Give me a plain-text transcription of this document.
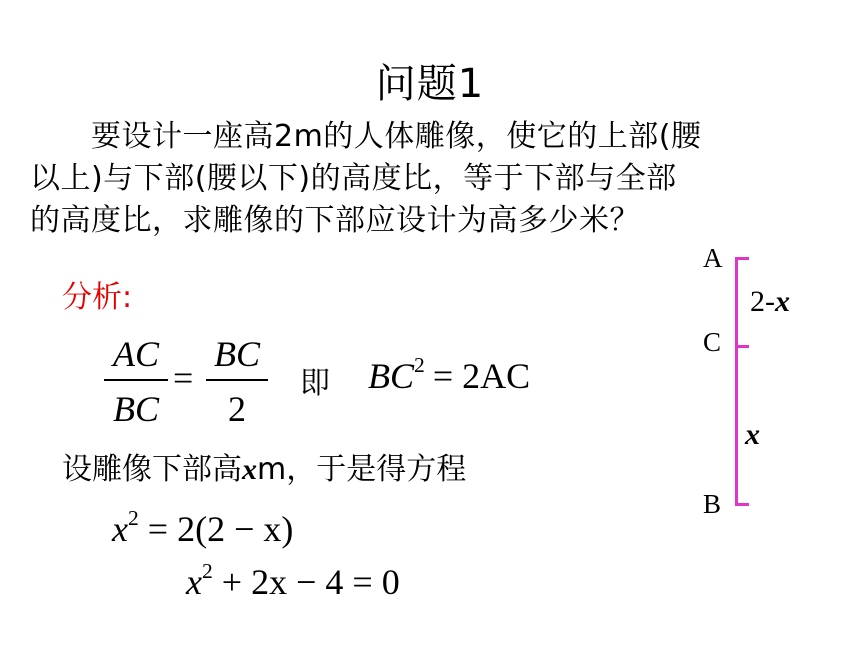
问题1
　　要设计一座高2m的人体雕像，使它的上部(腰
以上)与下部(腰以下)的高度比，等于下部与全部
的高度比，求雕像的下部应设计为高多少米？
分析:
AC
BC
=
BC
2
即 $BC^2 = 2AC$
设雕像下部高xm，于是得方程
$x^2 = 2(2 - x)$
$x^2 + 2x - 4 = 0$
A
C
B
2-x
x
